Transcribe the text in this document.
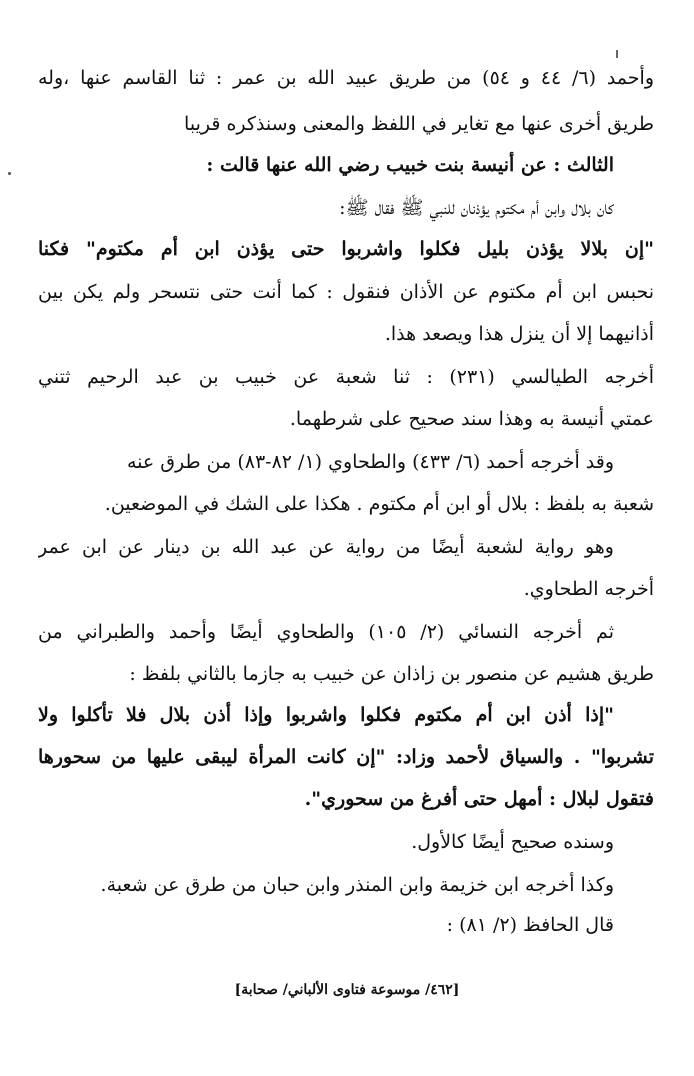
وأحمد (٦/ ٤٤ و ٥٤) من طريق عبيد الله بن عمر : ثنا القاسم عنها ،وله
طريق أخرى عنها مع تغاير في اللفظ والمعنى وسنذكره قريبا
الثالث : عن أنيسة بنت خبيب رضي الله عنها قالت :
كان بلال وابن أم مكتوم يؤذنان للنبي ﷺ فقال ﷺ:
"إن بلالا يؤذن بليل فكلوا واشربوا حتى يؤذن ابن أم مكتوم" فكنا
نحبس ابن أم مكتوم عن الأذان فنقول : كما أنت حتى نتسحر ولم يكن بين
أذانيهما إلا أن ينزل هذا ويصعد هذا.
أخرجه الطيالسي (٢٣١) : ثنا شعبة عن خبيب بن عبد الرحيم ثتني
عمتي أنيسة به وهذا سند صحيح على شرطهما.
وقد أخرجه أحمد (٦/ ٤٣٣) والطحاوي (١/ ٨٢-٨٣) من طرق عنه
شعبة به بلفظ : بلال أو ابن أم مكتوم . هكذا على الشك في الموضعين.
وهو رواية لشعبة أيضًا من رواية عن عبد الله بن دينار عن ابن عمر
أخرجه الطحاوي.
ثم أخرجه النسائي (٢/ ١٠٥) والطحاوي أيضًا وأحمد والطبراني من
طريق هشيم عن منصور بن زاذان عن خبيب به جازما بالثاني بلفظ :
"إذا أذن ابن أم مكتوم فكلوا واشربوا وإذا أذن بلال فلا تأكلوا ولا
تشربوا" . والسياق لأحمد وزاد: "إن كانت المرأة ليبقى عليها من سحورها
فتقول لبلال : أمهل حتى أفرغ من سحوري".
وسنده صحيح أيضًا كالأول.
وكذا أخرجه ابن خزيمة وابن المنذر وابن حبان من طرق عن شعبة.
قال الحافظ (٢/ ٨١) :
[٤٦٢/ موسوعة فتاوى الألباني/ صحابة]
